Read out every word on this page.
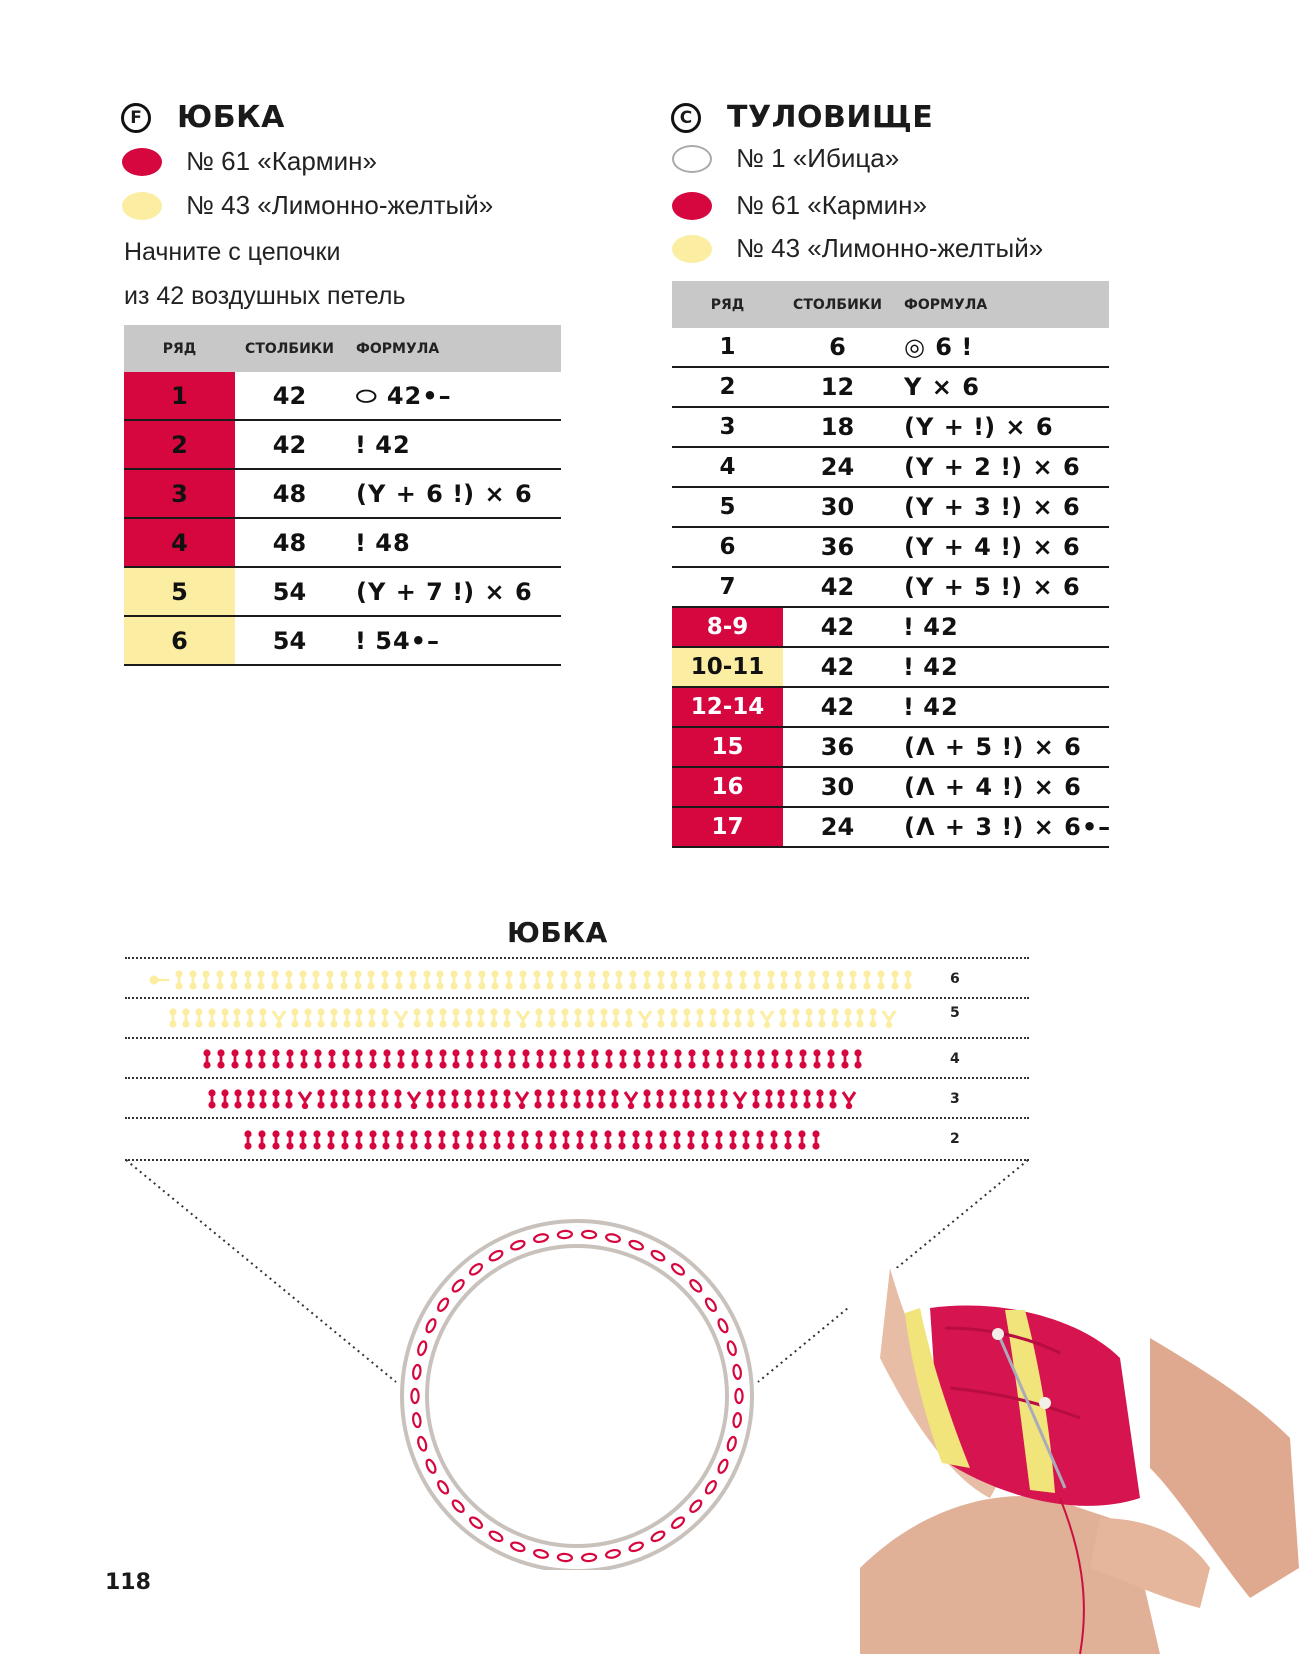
F	ЮБКА
№ 61 «Кармин»
№ 43 «Лимонно-желтый»
Начните с цепочки
из 42 воздушных петель
РЯД	СТОЛБИКИ	ФОРМУЛА
1	42	⬭ 42•–
2	42	ǃ 42
3	48	(Y + 6 ǃ) × 6
4	48	ǃ 48
5	54	(Y + 7 ǃ) × 6
6	54	ǃ 54•–
C ТУЛОВИЩЕ
№ 1 «Ибица»
№ 61 «Кармин»
№ 43 «Лимонно-желтый»
РЯД	СТОЛБИКИ	ФОРМУЛА
1	6	◎ 6 ǃ
2	12	Y × 6
3	18	(Y + ǃ) × 6
4	24	(Y + 2 ǃ) × 6
5	30	(Y + 3 ǃ) × 6
6	36	(Y + 4 ǃ) × 6
7	42	(Y + 5 ǃ) × 6
8-9	42	ǃ 42
10-11	42	ǃ 42
12-14	42	ǃ 42
15	36	(Λ + 5 ǃ) × 6
16	30	(Λ + 4 ǃ) × 6
17	24	(Λ + 3 ǃ) × 6•–
ЮБКА
6
5
4
3
2
118
